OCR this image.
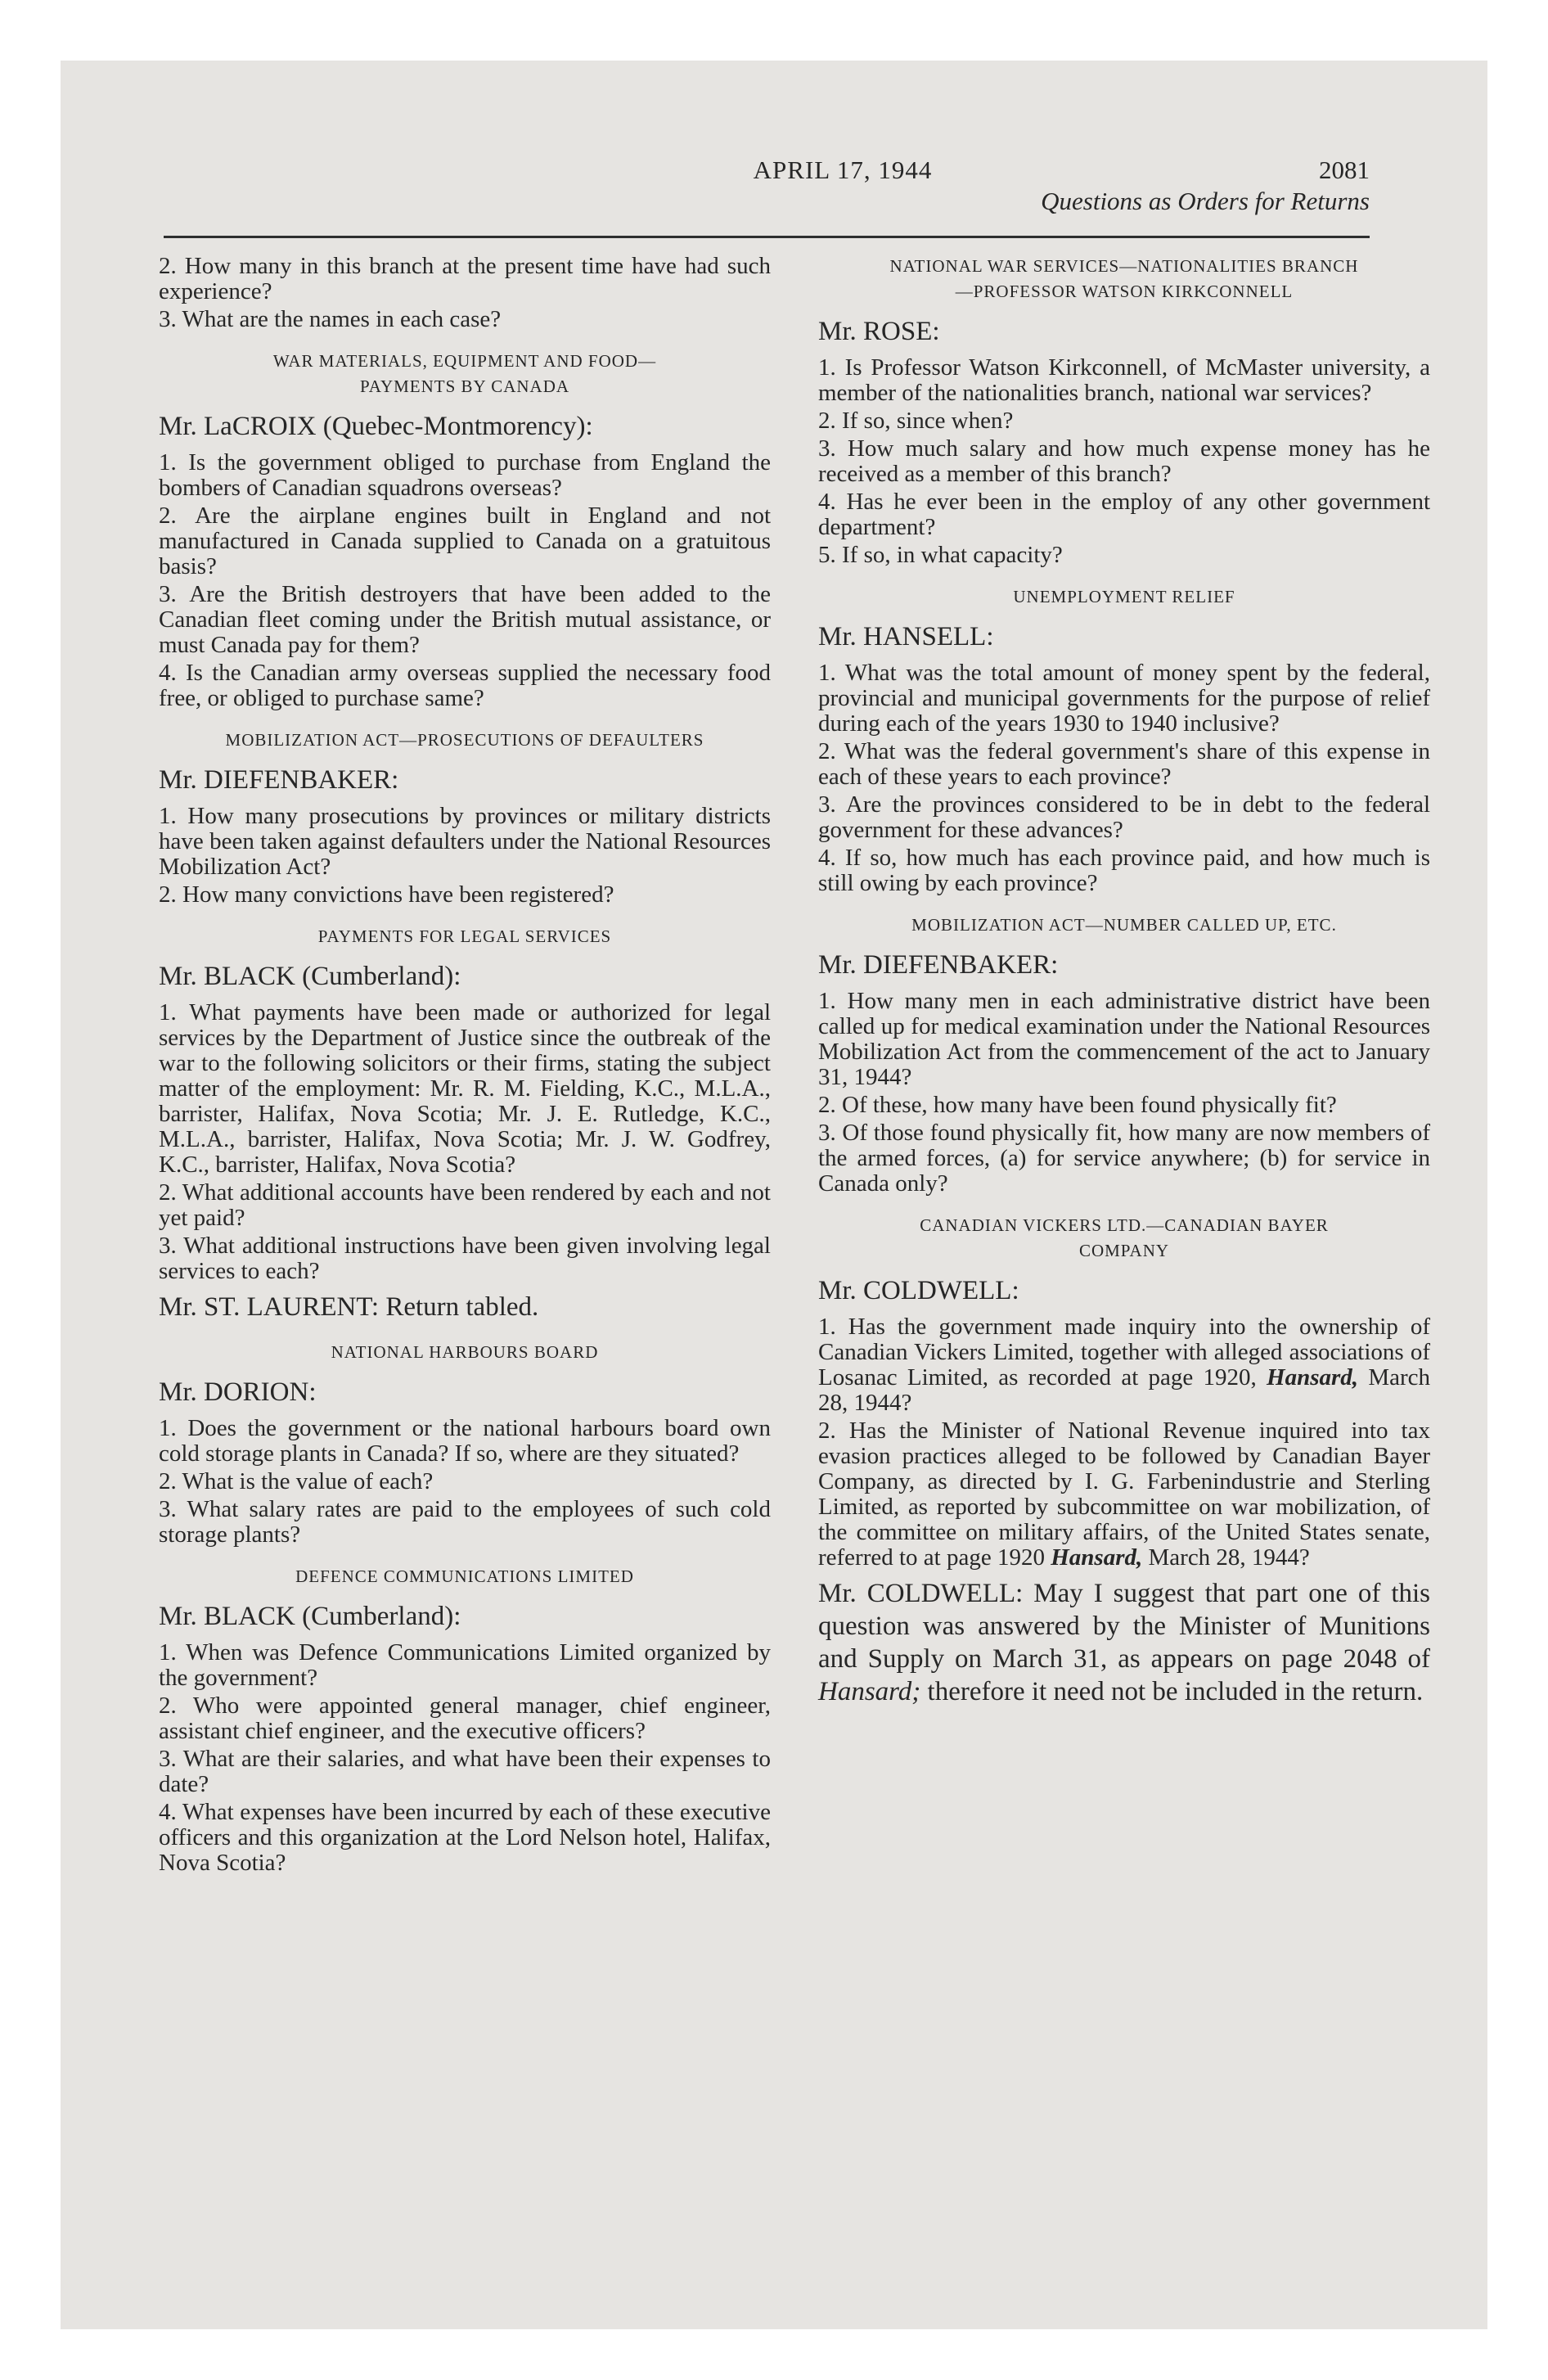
APRIL 17, 1944	2081
Questions as Orders for Returns

2. How many in this branch at the present time have had such experience?

3. What are the names in each case?

WAR MATERIALS, EQUIPMENT AND FOOD—
PAYMENTS BY CANADA
Mr. LaCROIX (Quebec-Montmorency):

1. Is the government obliged to purchase from England the bombers of Canadian squadrons overseas?

2. Are the airplane engines built in England and not manufactured in Canada supplied to Canada on a gratuitous basis?

3. Are the British destroyers that have been added to the Canadian fleet coming under the British mutual assistance, or must Canada pay for them?

4. Is the Canadian army overseas supplied the necessary food free, or obliged to purchase same?

MOBILIZATION ACT—PROSECUTIONS OF DEFAULTERS
Mr. DIEFENBAKER:

1. How many prosecutions by provinces or military districts have been taken against defaulters under the National Resources Mobilization Act?

2. How many convictions have been registered?

PAYMENTS FOR LEGAL SERVICES
Mr. BLACK (Cumberland):

1. What payments have been made or authorized for legal services by the Department of Justice since the outbreak of the war to the following solicitors or their firms, stating the subject matter of the employment: Mr. R. M. Fielding, K.C., M.L.A., barrister, Halifax, Nova Scotia; Mr. J. E. Rutledge, K.C., M.L.A., barrister, Halifax, Nova Scotia; Mr. J. W. Godfrey, K.C., barrister, Halifax, Nova Scotia?

2. What additional accounts have been rendered by each and not yet paid?

3. What additional instructions have been given involving legal services to each?

Mr. ST. LAURENT: Return tabled.
NATIONAL HARBOURS BOARD
Mr. DORION:

1. Does the government or the national harbours board own cold storage plants in Canada? If so, where are they situated?

2. What is the value of each?

3. What salary rates are paid to the employees of such cold storage plants?

DEFENCE COMMUNICATIONS LIMITED
Mr. BLACK (Cumberland):

1. When was Defence Communications Limited organized by the government?

2. Who were appointed general manager, chief engineer, assistant chief engineer, and the executive officers?

3. What are their salaries, and what have been their expenses to date?

4. What expenses have been incurred by each of these executive officers and this organization at the Lord Nelson hotel, Halifax, Nova Scotia?

NATIONAL WAR SERVICES—NATIONALITIES BRANCH
—PROFESSOR WATSON KIRKCONNELL
Mr. ROSE:

1. Is Professor Watson Kirkconnell, of McMaster university, a member of the nationalities branch, national war services?

2. If so, since when?

3. How much salary and how much expense money has he received as a member of this branch?

4. Has he ever been in the employ of any other government department?

5. If so, in what capacity?

UNEMPLOYMENT RELIEF
Mr. HANSELL:

1. What was the total amount of money spent by the federal, provincial and municipal governments for the purpose of relief during each of the years 1930 to 1940 inclusive?

2. What was the federal government's share of this expense in each of these years to each province?

3. Are the provinces considered to be in debt to the federal government for these advances?

4. If so, how much has each province paid, and how much is still owing by each province?

MOBILIZATION ACT—NUMBER CALLED UP, ETC.
Mr. DIEFENBAKER:

1. How many men in each administrative district have been called up for medical examination under the National Resources Mobilization Act from the commencement of the act to January 31, 1944?

2. Of these, how many have been found physically fit?

3. Of those found physically fit, how many are now members of the armed forces, (a) for service anywhere; (b) for service in Canada only?

CANADIAN VICKERS LTD.—CANADIAN BAYER
COMPANY
Mr. COLDWELL:

1. Has the government made inquiry into the ownership of Canadian Vickers Limited, together with alleged associations of Losanac Limited, as recorded at page 1920, Hansard, March 28, 1944?

2. Has the Minister of National Revenue inquired into tax evasion practices alleged to be followed by Canadian Bayer Company, as directed by I. G. Farbenindustrie and Sterling Limited, as reported by subcommittee on war mobilization, of the committee on military affairs, of the United States senate, referred to at page 1920 Hansard, March 28, 1944?

Mr. COLDWELL: May I suggest that part one of this question was answered by the Minister of Munitions and Supply on March 31, as appears on page 2048 of Hansard; therefore it need not be included in the return.
